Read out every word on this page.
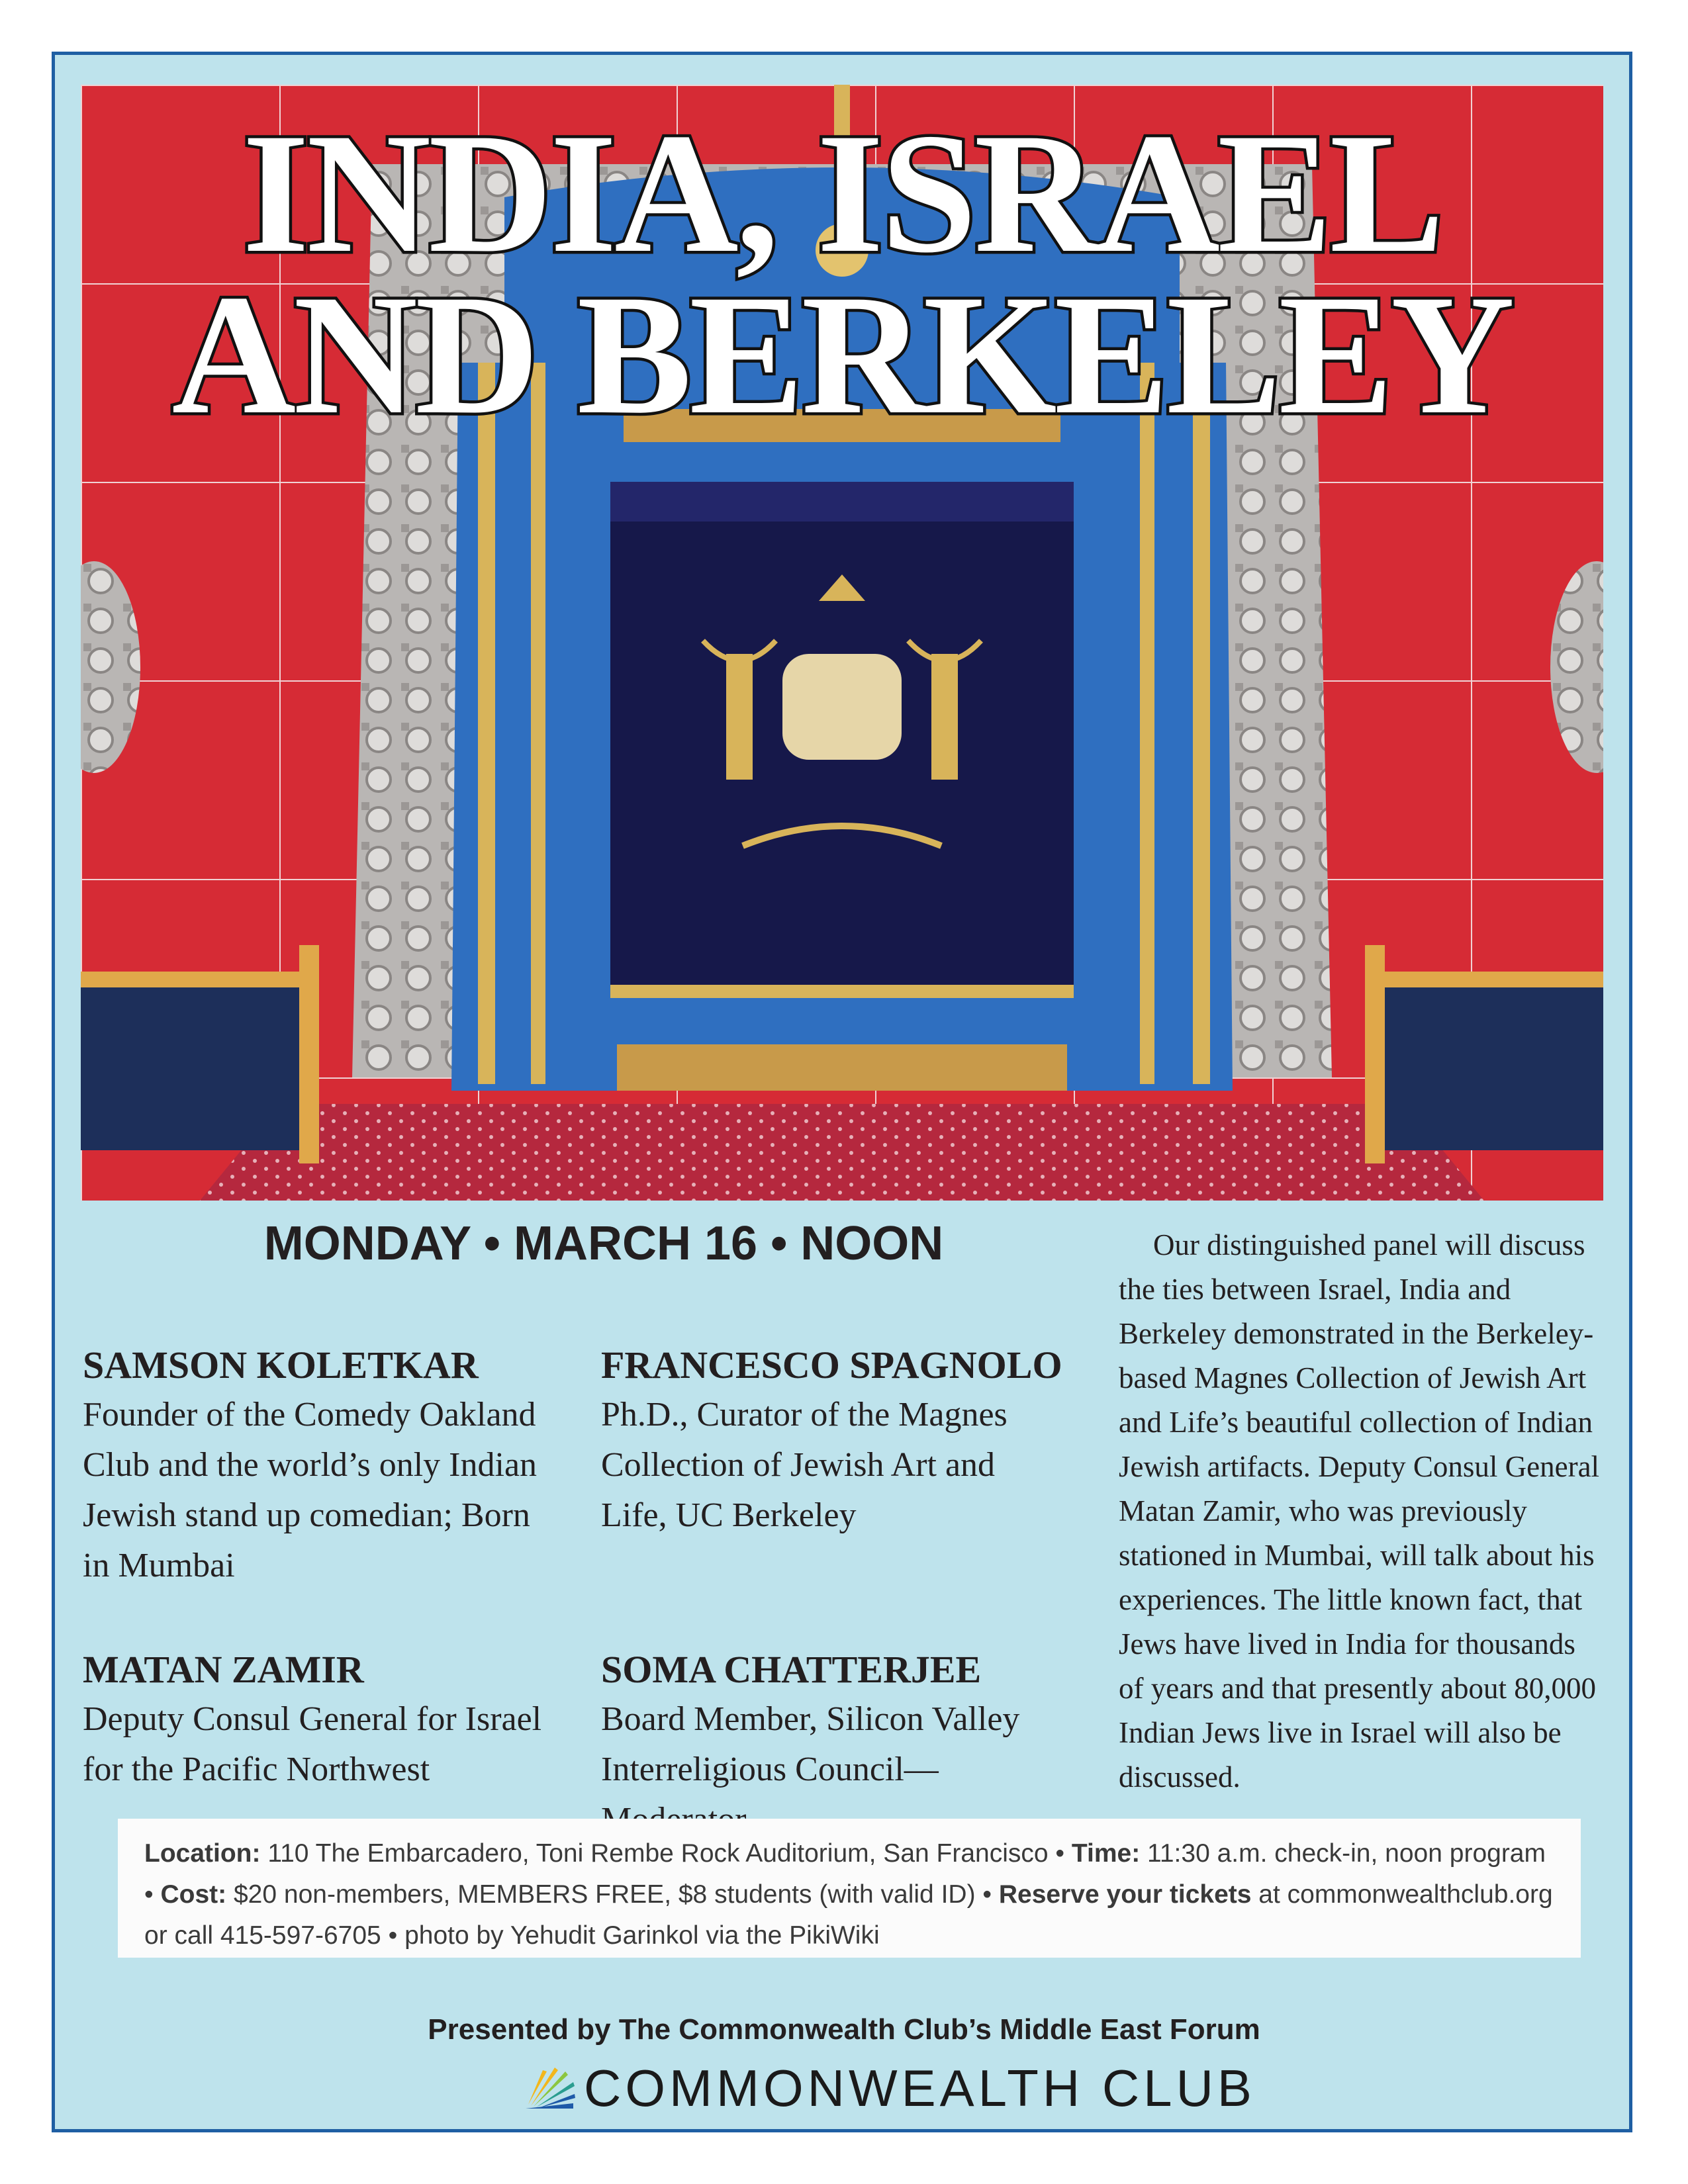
INDIA, ISRAEL
AND BERKELEY
MONDAY • MARCH 16 • NOON

SAMSON KOLETKAR

Founder of the Comedy Oakland Club and the world’s only Indian Jewish stand up comedian; Born in Mumbai

FRANCESCO SPAGNOLO

Ph.D., Curator of the Magnes Collection of Jewish Art and Life, UC Berkeley

MATAN ZAMIR

Deputy Consul General for Israel for the Pacific Northwest

SOMA CHATTERJEE

Board Member, Silicon Valley Interreligious Council—

Our distinguished panel will discuss the ties between Israel, India and Berkeley demonstrated in the Berkeley-based Magnes Collection of Jewish Art and Life’s beautiful collection of Indian Jewish artifacts. Deputy Consul General Matan Zamir, who was previously stationed in Mumbai, will talk about his experiences. The little known fact, that Jews have lived in India for thousands of years and that presently about 80,000 Indian Jews live in Israel will also be discussed.

Location: 110 The Embarcadero, Toni Rembe Rock Auditorium, San Francisco • Time: 11:30 a.m. check-in, noon program • Cost: $20 non-members, MEMBERS FREE, $8 students (with valid ID) • Reserve your tickets at commonwealthclub.org or call 415-597-6705 • photo by Yehudit Garinkol via the PikiWiki
Presented by The Commonwealth Club’s Middle East Forum
COMMONWEALTH CLUB
